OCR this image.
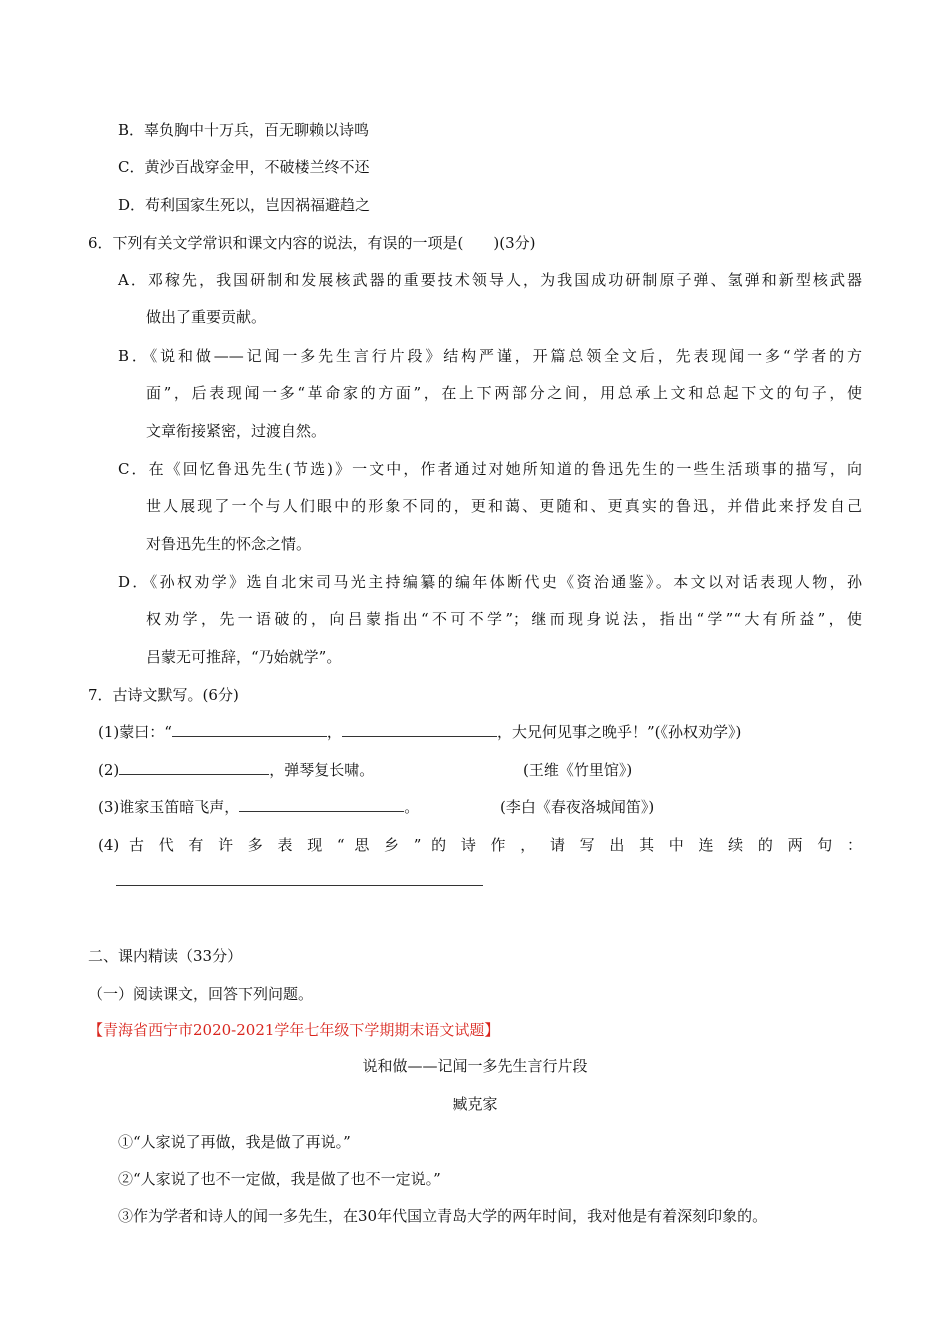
B．辜负胸中十万兵，百无聊赖以诗鸣
C．黄沙百战穿金甲，不破楼兰终不还
D．苟利国家生死以，岂因祸福避趋之
6．下列有关文学常识和课文内容的说法，有误的一项是(　　)(3分)
A．邓稼先，我国研制和发展核武器的重要技术领导人，为我国成功研制原子弹、氢弹和新型核武器
做出了重要贡献。
B．《说和做——记闻一多先生言行片段》结构严谨，开篇总领全文后，先表现闻一多“学者的方
面”，后表现闻一多“革命家的方面”，在上下两部分之间，用总承上文和总起下文的句子，使
文章衔接紧密，过渡自然。
C．在《回忆鲁迅先生(节选)》一文中，作者通过对她所知道的鲁迅先生的一些生活琐事的描写，向
世人展现了一个与人们眼中的形象不同的，更和蔼、更随和、更真实的鲁迅，并借此来抒发自己
对鲁迅先生的怀念之情。
D．《孙权劝学》选自北宋司马光主持编纂的编年体断代史《资治通鉴》。本文以对话表现人物，孙
权劝学，先一语破的，向吕蒙指出“不可不学”；继而现身说法，指出“学”“大有所益”，使
吕蒙无可推辞，“乃始就学”。
7．古诗文默写。(6分)
(1)蒙曰：“	，	，大兄何见事之晚乎！”(《孙权劝学》)
(2)	，弹琴复长啸。	(王维《竹里馆》)
(3)谁家玉笛暗飞声，	。	(李白《春夜洛城闻笛》)
(4) 古 代 有 许 多 表 现 “ 思 乡 ” 的 诗 作 ， 请 写 出 其 中 连 续 的 两 句 ：
二、课内精读（33分）
（一）阅读课文，回答下列问题。
【青海省西宁市2020-2021学年七年级下学期期末语文试题】
说和做——记闻一多先生言行片段
臧克家
①“人家说了再做，我是做了再说。”
②“人家说了也不一定做，我是做了也不一定说。”
③作为学者和诗人的闻一多先生，在30年代国立青岛大学的两年时间，我对他是有着深刻印象的。
